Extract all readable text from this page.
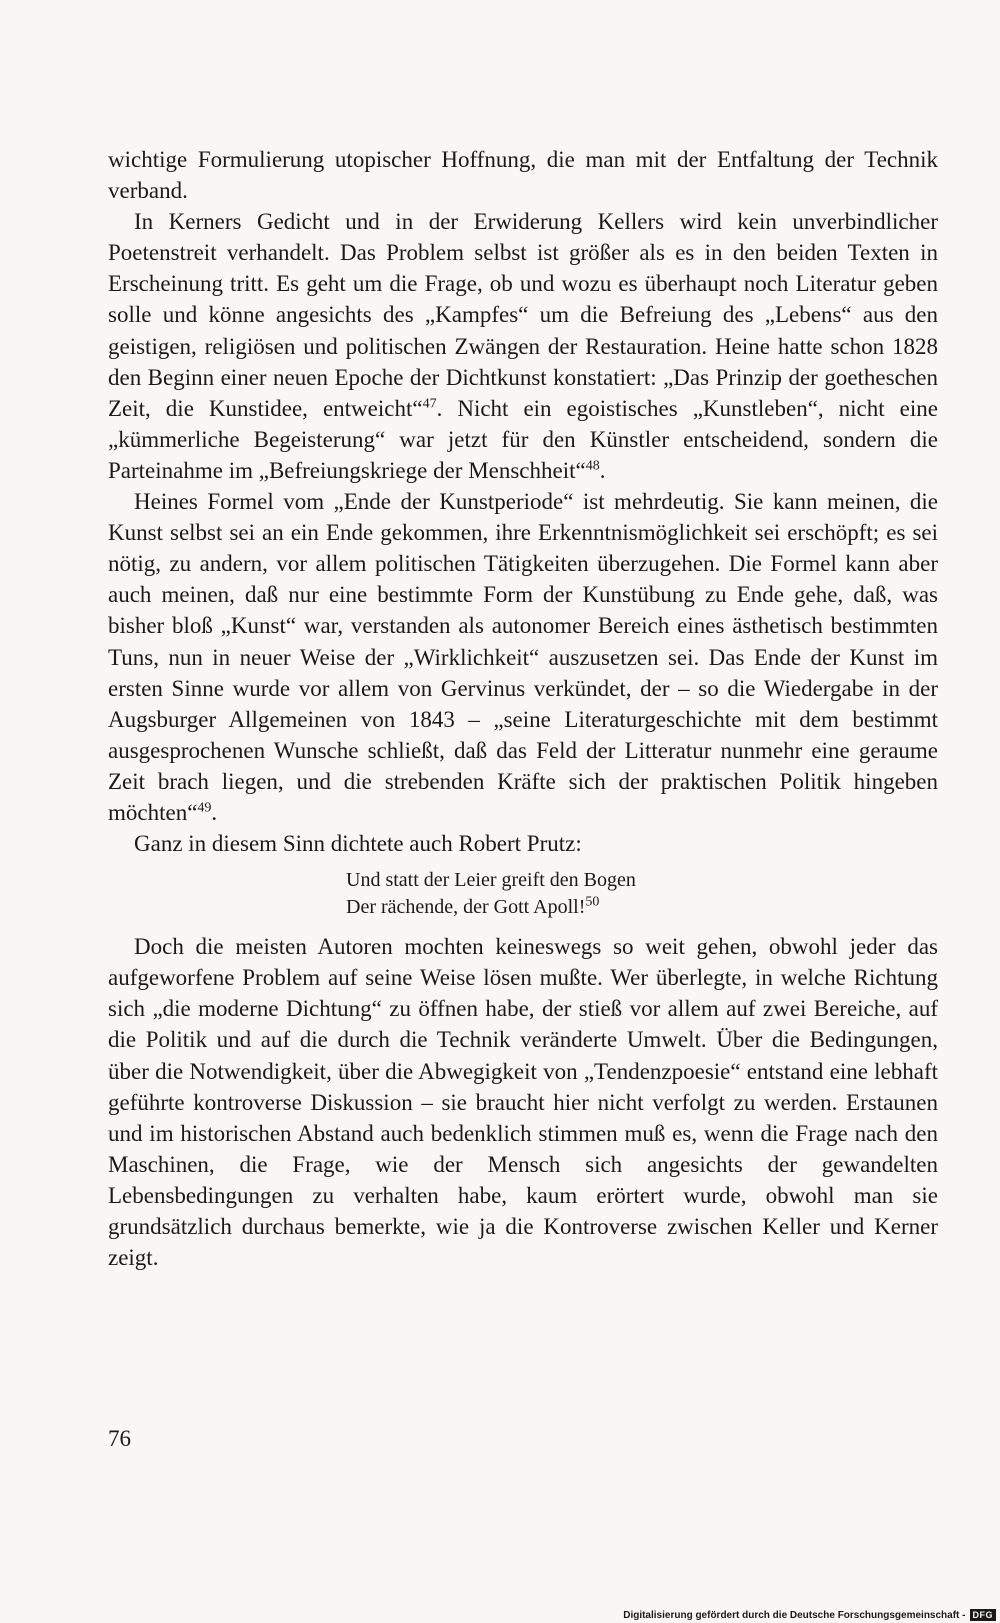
wichtige Formulierung utopischer Hoffnung, die man mit der Entfaltung der Technik verband.

In Kerners Gedicht und in der Erwiderung Kellers wird kein unverbindlicher Poetenstreit verhandelt. Das Problem selbst ist größer als es in den beiden Texten in Erscheinung tritt. Es geht um die Frage, ob und wozu es überhaupt noch Literatur geben solle und könne angesichts des „Kampfes“ um die Befreiung des „Lebens“ aus den geistigen, religiösen und politischen Zwängen der Restauration. Heine hatte schon 1828 den Beginn einer neuen Epoche der Dichtkunst konstatiert: „Das Prinzip der goetheschen Zeit, die Kunstidee, entweicht“$^{47}$. Nicht ein egoistisches „Kunstleben“, nicht eine „kümmerliche Begeisterung“ war jetzt für den Künstler entscheidend, sondern die Parteinahme im „Befreiungskriege der Menschheit“$^{48}$.

Heines Formel vom „Ende der Kunstperiode“ ist mehrdeutig. Sie kann meinen, die Kunst selbst sei an ein Ende gekommen, ihre Erkenntnismöglichkeit sei erschöpft; es sei nötig, zu andern, vor allem politischen Tätigkeiten überzugehen. Die Formel kann aber auch meinen, daß nur eine bestimmte Form der Kunstübung zu Ende gehe, daß, was bisher bloß „Kunst“ war, verstanden als autonomer Bereich eines ästhetisch bestimmten Tuns, nun in neuer Weise der „Wirklichkeit“ auszusetzen sei. Das Ende der Kunst im ersten Sinne wurde vor allem von Gervinus verkündet, der – so die Wiedergabe in der Augsburger Allgemeinen von 1843 – „seine Literaturgeschichte mit dem bestimmt ausgesprochenen Wunsche schließt, daß das Feld der Litteratur nunmehr eine geraume Zeit brach liegen, und die strebenden Kräfte sich der praktischen Politik hingeben möchten“$^{49}$.

Ganz in diesem Sinn dichtete auch Robert Prutz:

Und statt der Leier greift den Bogen
Der rächende, der Gott Apoll!$^{50}$

Doch die meisten Autoren mochten keineswegs so weit gehen, obwohl jeder das aufgeworfene Problem auf seine Weise lösen mußte. Wer überlegte, in welche Richtung sich „die moderne Dichtung“ zu öffnen habe, der stieß vor allem auf zwei Bereiche, auf die Politik und auf die durch die Technik veränderte Umwelt. Über die Bedingungen, über die Notwendigkeit, über die Abwegigkeit von „Tendenzpoesie“ entstand eine lebhaft geführte kontroverse Diskussion – sie braucht hier nicht verfolgt zu werden. Erstaunen und im historischen Abstand auch bedenklich stimmen muß es, wenn die Frage nach den Maschinen, die Frage, wie der Mensch sich angesichts der gewandelten Lebensbedingungen zu verhalten habe, kaum erörtert wurde, obwohl man sie grundsätzlich durchaus bemerkte, wie ja die Kontroverse zwischen Keller und Kerner zeigt.

76
Digitalisierung gefördert durch die Deutsche Forschungsgemeinschaft - DFG
